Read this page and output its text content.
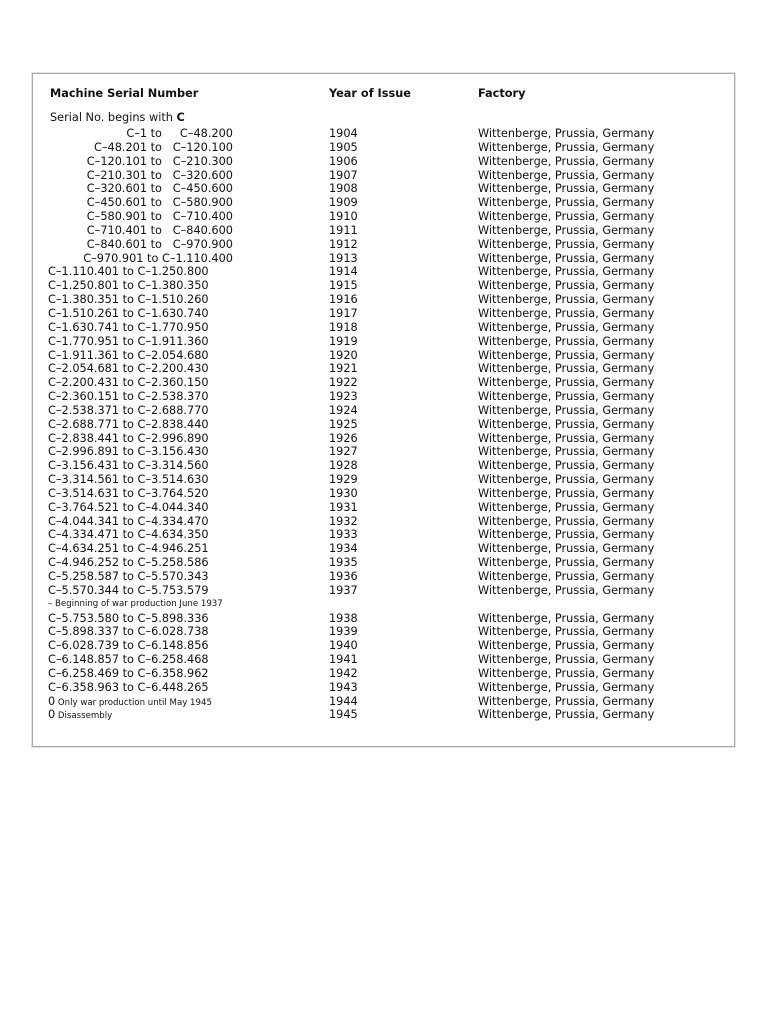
Machine Serial Number	Year of Issue	Factory
Serial No. begins with C
C–1 to     C–48.200	1904	Wittenberge, Prussia, Germany
C–48.201 to   C–120.100	1905	Wittenberge, Prussia, Germany
C–120.101 to   C–210.300	1906	Wittenberge, Prussia, Germany
C–210.301 to   C–320.600	1907	Wittenberge, Prussia, Germany
C–320.601 to   C–450.600	1908	Wittenberge, Prussia, Germany
C–450.601 to   C–580.900	1909	Wittenberge, Prussia, Germany
C–580.901 to   C–710.400	1910	Wittenberge, Prussia, Germany
C–710.401 to   C–840.600	1911	Wittenberge, Prussia, Germany
C–840.601 to   C–970.900	1912	Wittenberge, Prussia, Germany
C–970.901 to C–1.110.400	1913	Wittenberge, Prussia, Germany
C–1.110.401 to C–1.250.800	1914	Wittenberge, Prussia, Germany
C–1.250.801 to C–1.380.350	1915	Wittenberge, Prussia, Germany
C–1.380.351 to C–1.510.260	1916	Wittenberge, Prussia, Germany
C–1.510.261 to C–1.630.740	1917	Wittenberge, Prussia, Germany
C–1.630.741 to C–1.770.950	1918	Wittenberge, Prussia, Germany
C–1.770.951 to C–1.911.360	1919	Wittenberge, Prussia, Germany
C–1.911.361 to C–2.054.680	1920	Wittenberge, Prussia, Germany
C–2.054.681 to C–2.200.430	1921	Wittenberge, Prussia, Germany
C–2.200.431 to C–2.360.150	1922	Wittenberge, Prussia, Germany
C–2.360.151 to C–2.538.370	1923	Wittenberge, Prussia, Germany
C–2.538.371 to C–2.688.770	1924	Wittenberge, Prussia, Germany
C–2.688.771 to C–2.838.440	1925	Wittenberge, Prussia, Germany
C–2.838.441 to C–2.996.890	1926	Wittenberge, Prussia, Germany
C–2.996.891 to C–3.156.430	1927	Wittenberge, Prussia, Germany
C–3.156.431 to C–3.314.560	1928	Wittenberge, Prussia, Germany
C–3.314.561 to C–3.514.630	1929	Wittenberge, Prussia, Germany
C–3.514.631 to C–3.764.520	1930	Wittenberge, Prussia, Germany
C–3.764.521 to C–4.044.340	1931	Wittenberge, Prussia, Germany
C–4.044.341 to C–4.334.470	1932	Wittenberge, Prussia, Germany
C–4.334.471 to C–4.634.350	1933	Wittenberge, Prussia, Germany
C–4.634.251 to C–4.946.251	1934	Wittenberge, Prussia, Germany
C–4.946.252 to C–5.258.586	1935	Wittenberge, Prussia, Germany
C–5.258.587 to C–5.570.343	1936	Wittenberge, Prussia, Germany
C–5.570.344 to C–5.753.579	1937	Wittenberge, Prussia, Germany
– Beginning of war production June 1937
C–5.753.580 to C–5.898.336	1938	Wittenberge, Prussia, Germany
C–5.898.337 to C–6.028.738	1939	Wittenberge, Prussia, Germany
C–6.028.739 to C–6.148.856	1940	Wittenberge, Prussia, Germany
C–6.148.857 to C–6.258.468	1941	Wittenberge, Prussia, Germany
C–6.258.469 to C–6.358.962	1942	Wittenberge, Prussia, Germany
C–6.358.963 to C–6.448.265	1943	Wittenberge, Prussia, Germany
0 Only war production until May 1945	1944	Wittenberge, Prussia, Germany
0 Disassembly	1945	Wittenberge, Prussia, Germany
